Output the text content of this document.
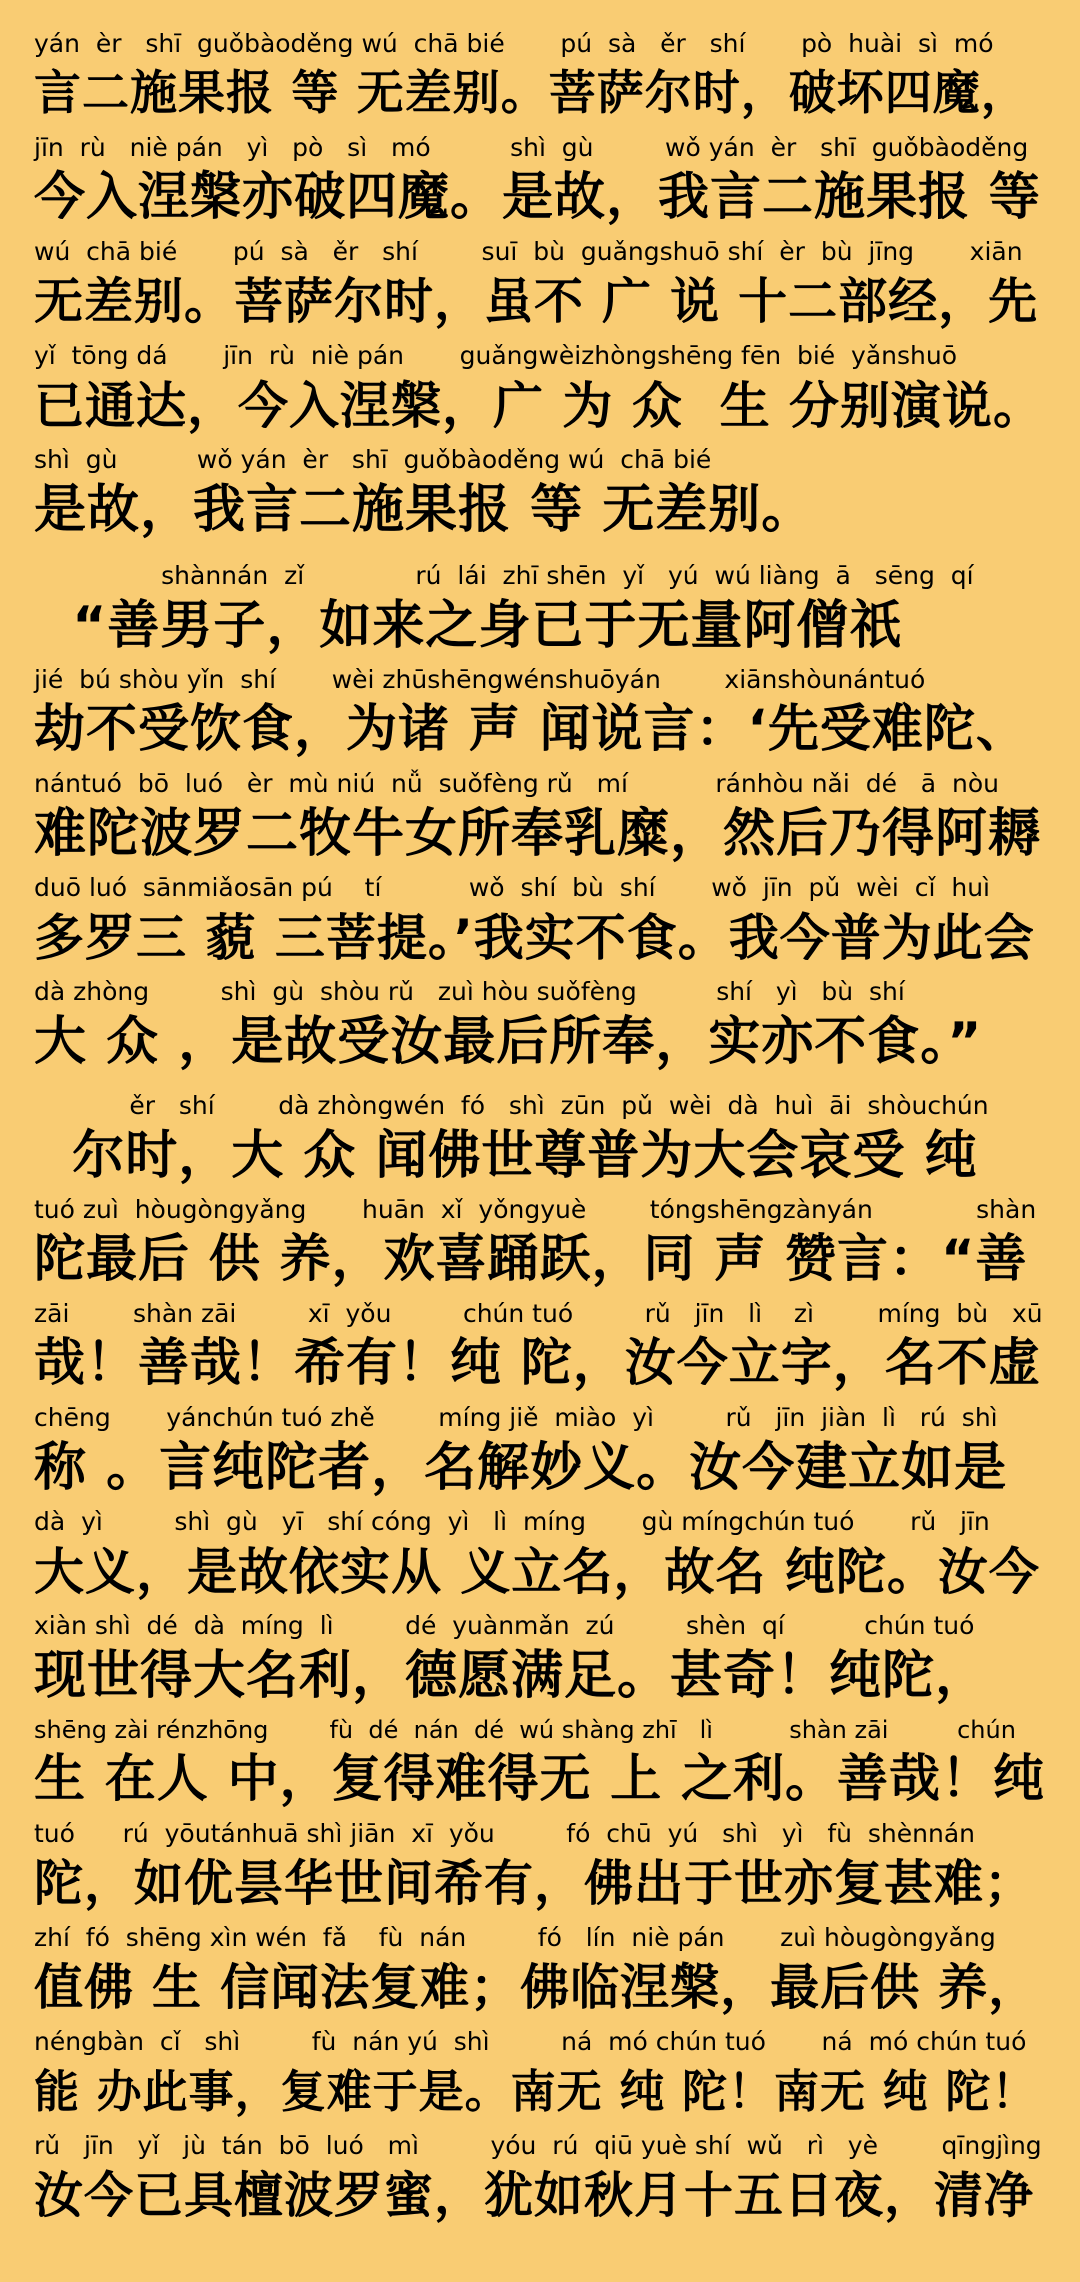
yán  èr   shī  guǒbàoděng wú  chā bié       pú  sà   ěr   shí       pò  huài  sì  mó
言二施果报 等 无差别。菩萨尔时，破坏四魔，
jīn  rù   niè pán   yì   pò   sì   mó          shì  gù         wǒ yán  èr   shī  guǒbàoděng
今入涅槃亦破四魔。是故，我言二施果报 等
wú  chā bié       pú  sà   ěr   shí        suī  bù  guǎngshuō shí  èr  bù  jīng       xiān
无差别。菩萨尔时，虽不 广 说 十二部经，先
yǐ  tōng dá       jīn  rù  niè pán       guǎngwèizhòngshēng fēn  bié  yǎnshuō
已通达，今入涅槃，广 为 众  生 分别演说。
shì  gù          wǒ yán  èr   shī  guǒbàoděng wú  chā bié
是故，我言二施果报 等 无差别。
shànnán  zǐ              rú  lái  zhī shēn  yǐ   yú  wú liàng  ā   sēng  qí
“善男子，如来之身已于无量阿僧祇
jié  bú shòu yǐn  shí       wèi zhūshēngwénshuōyán        xiānshòunántuó
劫不受饮食，为诸 声 闻说言：‘先受难陀、
nántuó  bō  luó   èr  mù niú  nǚ  suǒfèng rǔ   mí           ránhòu nǎi  dé   ā  nòu
难陀波罗二牧牛女所奉乳糜，然后乃得阿耨
duō luó  sānmiǎosān pú    tí           wǒ  shí  bù  shí       wǒ  jīn  pǔ  wèi  cǐ  huì
多罗三 藐 三菩提。’我实不食。我今普为此会
dà zhòng         shì  gù  shòu rǔ   zuì hòu suǒfèng          shí   yì   bù  shí
大 众 ，是故受汝最后所奉，实亦不食。”
ěr   shí        dà zhòngwén  fó   shì  zūn  pǔ  wèi  dà  huì  āi  shòuchún
尔时，大 众 闻佛世尊普为大会哀受 纯
tuó zuì  hòugòngyǎng       huān  xǐ  yǒngyuè        tóngshēngzànyán             shàn
陀最后 供 养，欢喜踊跃，同 声 赞言：“善
zāi        shàn zāi         xī  yǒu         chún tuó         rǔ   jīn   lì    zì        míng  bù   xū
哉！善哉！希有！纯 陀，汝今立字，名不虚
chēng       yánchún tuó zhě        míng jiě  miào  yì         rǔ   jīn  jiàn  lì   rú  shì
称 。言纯陀者，名解妙义。汝今建立如是
dà  yì         shì  gù   yī   shí cóng  yì   lì  míng       gù míngchún tuó       rǔ   jīn
大义，是故依实从 义立名，故名 纯陀。汝今
xiàn shì  dé  dà  míng  lì         dé  yuànmǎn  zú         shèn  qí          chún tuó
现世得大名利，德愿满足。甚奇！纯陀，
shēng zài rénzhōng        fù  dé  nán  dé  wú shàng zhī   lì          shàn zāi         chún
生 在人 中，复得难得无 上 之利。善哉！纯
tuó      rú  yōutánhuā shì jiān  xī  yǒu         fó  chū  yú   shì   yì   fù  shènnán
陀，如优昙华世间希有，佛出于世亦复甚难；
zhí  fó  shēng xìn wén  fǎ    fù  nán         fó   lín  niè pán       zuì hòugòngyǎng
值佛 生 信闻法复难；佛临涅槃，最后供 养，
néngbàn  cǐ   shì         fù  nán yú  shì         ná  mó chún tuó       ná  mó chún tuó
能 办此事，复难于是。南无 纯 陀！南无 纯 陀！
rǔ   jīn   yǐ   jù  tán  bō  luó   mì         yóu  rú  qiū yuè shí  wǔ   rì   yè        qīngjìng
汝今已具檀波罗蜜，犹如秋月十五日夜，清净
